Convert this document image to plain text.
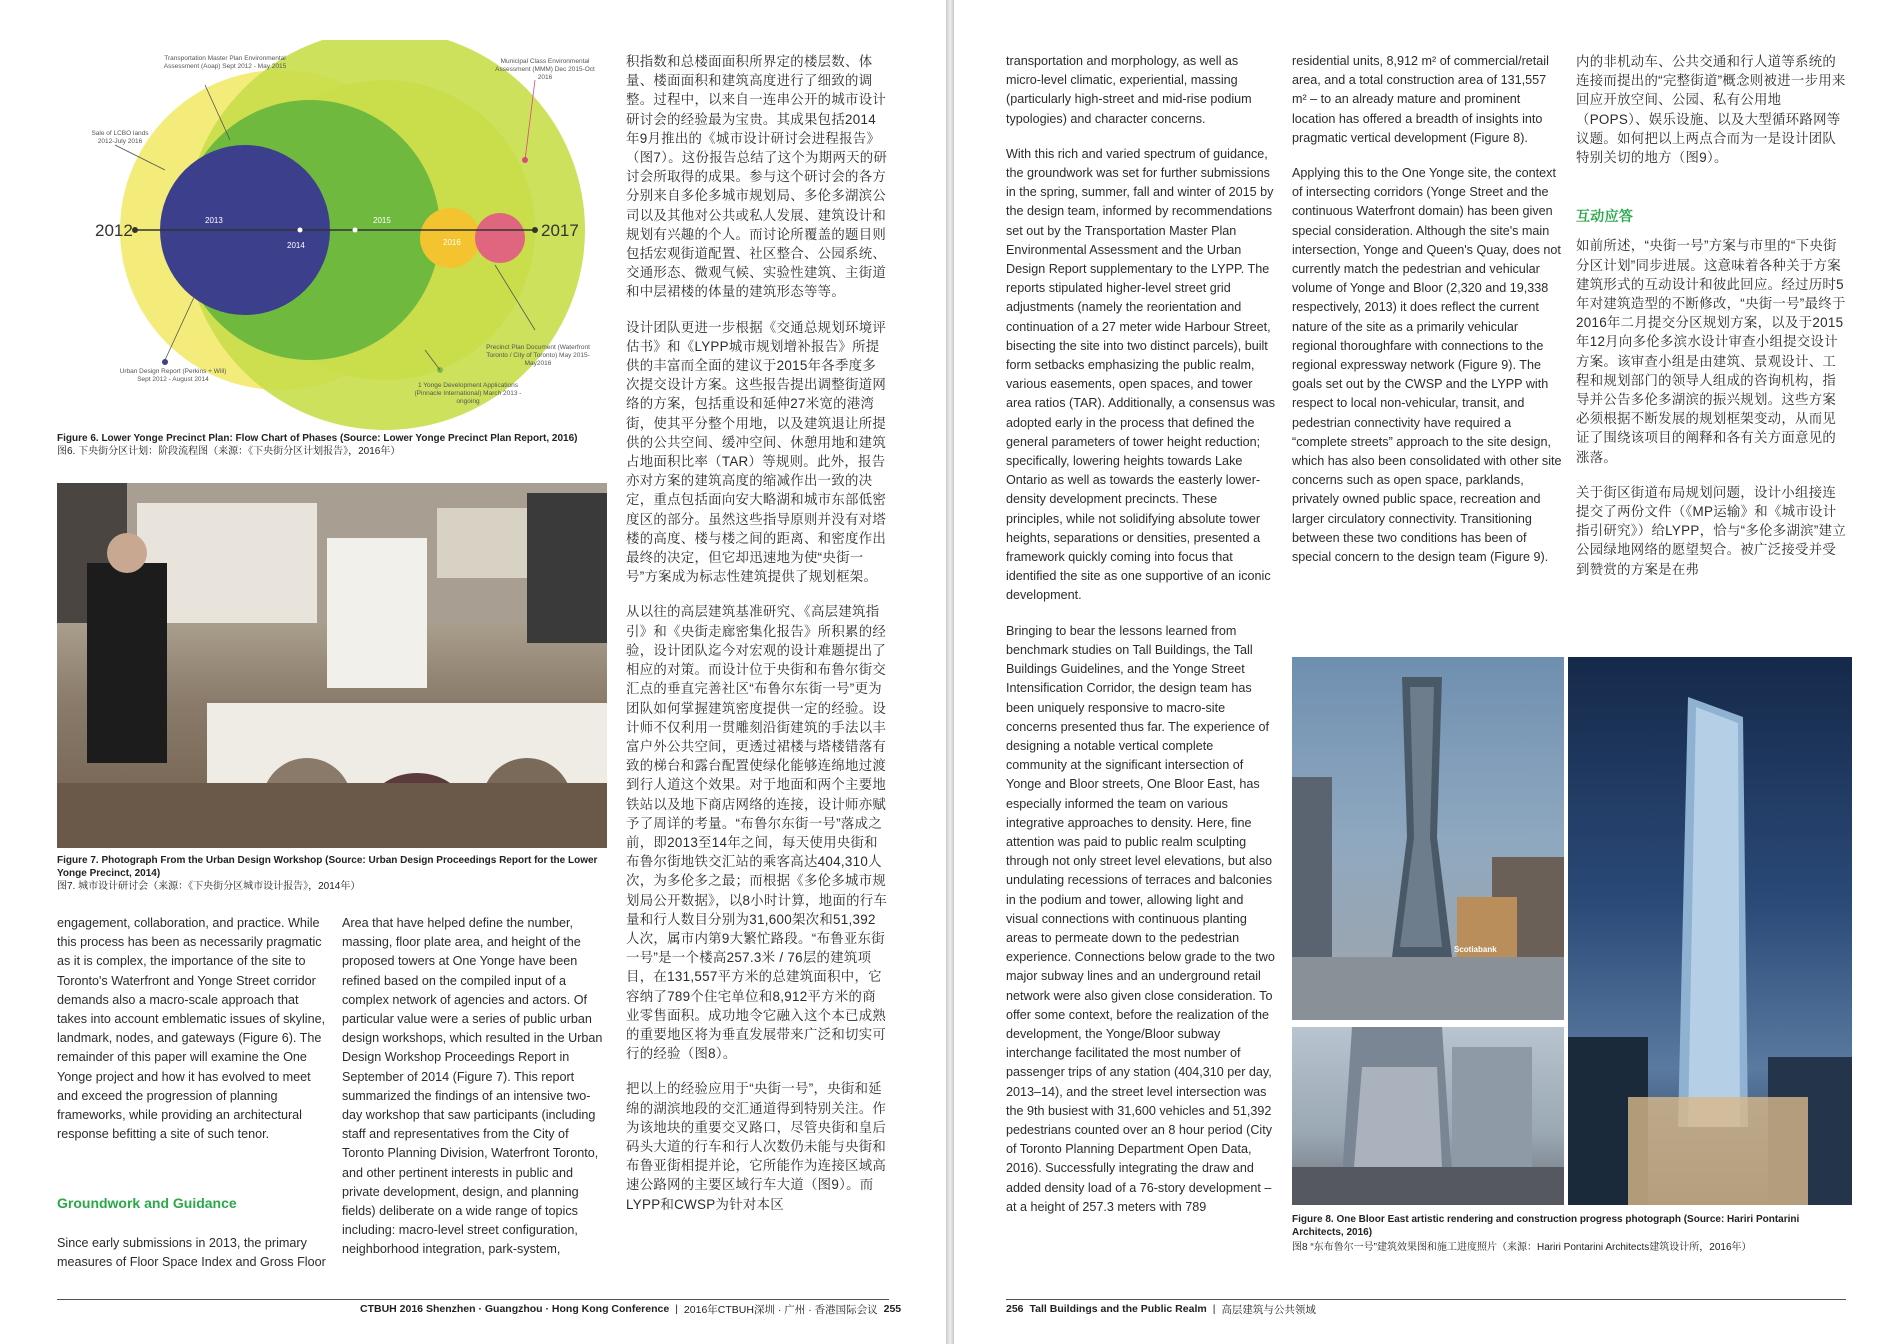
2012	2017
2013
2014
2015
2016
Transportation Master Plan Environmental Assessment (Aoap) Sept 2012 - May 2015
Municipal Class Environmental Assessment (MMM) Dec 2015-Oct 2016
Sale of LCBO lands 2012-July 2016
Precinct Plan Document (Waterfront Toronto / City of Toronto) May 2015-May2016
Urban Design Report (Perkins + Will) Sept 2012 - August 2014
1 Yonge Development Applications (Pinnacle International) March 2013 - ongoing
Figure 6. Lower Yonge Precinct Plan: Flow Chart of Phases (Source: Lower Yonge Precinct Plan Report, 2016)
图6. 下央街分区计划：阶段流程图（来源：《下央街分区计划报告》，2016年）
Figure 7. Photograph From the Urban Design Workshop (Source: Urban Design Proceedings Report for the Lower Yonge Precinct, 2014)
图7. 城市设计研讨会（来源：《下央街分区城市设计报告》，2014年）

engagement, collaboration, and practice. While this process has been as necessarily pragmatic as it is complex, the importance of the site to Toronto's Waterfront and Yonge Street corridor demands also a macro-scale approach that takes into account emblematic issues of skyline, landmark, nodes, and gateways (Figure 6). The remainder of this paper will examine the One Yonge project and how it has evolved to meet and exceed the progression of planning frameworks, while providing an architectural response befitting a site of such tenor.

Groundwork and Guidance

Since early submissions in 2013, the primary measures of Floor Space Index and Gross Floor

Area that have helped define the number, massing, floor plate area, and height of the proposed towers at One Yonge have been refined based on the compiled input of a complex network of agencies and actors. Of particular value were a series of public urban design workshops, which resulted in the Urban Design Workshop Proceedings Report in September of 2014 (Figure 7). This report summarized the findings of an intensive two-day workshop that saw participants (including staff and representatives from the City of Toronto Planning Division, Waterfront Toronto, and other pertinent interests in public and private development, design, and planning fields) deliberate on a wide range of topics including: macro-level street configuration, neighborhood integration, park-system,

积指数和总楼面面积所界定的楼层数、体量、楼面面积和建筑高度进行了细致的调整。过程中，以来自一连串公开的城市设计研讨会的经验最为宝贵。其成果包括2014年9月推出的《城市设计研讨会进程报告》（图7）。这份报告总结了这个为期两天的研讨会所取得的成果。参与这个研讨会的各方分别来自多伦多城市规划局、多伦多湖滨公司以及其他对公共或私人发展、建筑设计和规划有兴趣的个人。而讨论所覆盖的题目则包括宏观街道配置、社区整合、公园系统、交通形态、微观气候、实验性建筑、主街道和中层裙楼的体量的建筑形态等等。

设计团队更进一步根据《交通总规划环境评估书》和《LYPP城市规划增补报告》所提供的丰富而全面的建议于2015年各季度多次提交设计方案。这些报告提出调整街道网络的方案，包括重设和延伸27米宽的港湾街，使其平分整个用地，以及建筑退让所提供的公共空间、缓冲空间、休憩用地和建筑占地面积比率（TAR）等规则。此外，报告亦对方案的建筑高度的缩减作出一致的决定，重点包括面向安大略湖和城市东部低密度区的部分。虽然这些指导原则并没有对塔楼的高度、楼与楼之间的距离、和密度作出最终的决定，但它却迅速地为使“央街一号”方案成为标志性建筑提供了规划框架。

从以往的高层建筑基准研究、《高层建筑指引》和《央街走廊密集化报告》所积累的经验，设计团队迄今对宏观的设计难题提出了相应的对策。而设计位于央街和布鲁尔街交汇点的垂直完善社区“布鲁尔东街一号”更为团队如何掌握建筑密度提供一定的经验。设计师不仅利用一贯雕刻沿街建筑的手法以丰富户外公共空间，更透过裙楼与塔楼错落有致的梯台和露台配置使绿化能够连绵地过渡到行人道这个效果。对于地面和两个主要地铁站以及地下商店网络的连接，设计师亦赋予了周详的考量。“布鲁尔东街一号”落成之前，即2013至14年之间，每天使用央街和布鲁尔街地铁交汇站的乘客高达404,310人次，为多伦多之最；而根据《多伦多城市规划局公开数据》，以8小时计算，地面的行车量和行人数目分别为31,600架次和51,392人次，属市内第9大繁忙路段。“布鲁亚东街一号”是一个楼高257.3米 / 76层的建筑项目，在131,557平方米的总建筑面积中，它容纳了789个住宅单位和8,912平方米的商业零售面积。成功地令它融入这个本已成熟的重要地区将为垂直发展带来广泛和切实可行的经验（图8）。

把以上的经验应用于“央街一号”，央街和延绵的湖滨地段的交汇通道得到特别关注。作为该地块的重要交叉路口，尽管央街和皇后码头大道的行车和行人次数仍未能与央街和布鲁亚街相提并论，它所能作为连接区域高速公路网的主要区域行车大道（图9）。而LYPP和CWSP为针对本区

CTBUH 2016 Shenzhen · Guangzhou · Hong Kong Conference | 2016年CTBUH深圳 · 广州 · 香港国际会议 255

transportation and morphology, as well as micro-level climatic, experiential, massing (particularly high-street and mid-rise podium typologies) and character concerns.

With this rich and varied spectrum of guidance, the groundwork was set for further submissions in the spring, summer, fall and winter of 2015 by the design team, informed by recommendations set out by the Transportation Master Plan Environmental Assessment and the Urban Design Report supplementary to the LYPP. The reports stipulated higher-level street grid adjustments (namely the reorientation and continuation of a 27 meter wide Harbour Street, bisecting the site into two distinct parcels), built form setbacks emphasizing the public realm, various easements, open spaces, and tower area ratios (TAR). Additionally, a consensus was adopted early in the process that defined the general parameters of tower height reduction; specifically, lowering heights towards Lake Ontario as well as towards the easterly lower-density development precincts. These principles, while not solidifying absolute tower heights, separations or densities, presented a framework quickly coming into focus that identified the site as one supportive of an iconic development.

Bringing to bear the lessons learned from benchmark studies on Tall Buildings, the Tall Buildings Guidelines, and the Yonge Street Intensification Corridor, the design team has been uniquely responsive to macro-site concerns presented thus far. The experience of designing a notable vertical complete community at the significant intersection of Yonge and Bloor streets, One Bloor East, has especially informed the team on various integrative approaches to density. Here, fine attention was paid to public realm sculpting through not only street level elevations, but also undulating recessions of terraces and balconies in the podium and tower, allowing light and visual connections with continuous planting areas to permeate down to the pedestrian experience. Connections below grade to the two major subway lines and an underground retail network were also given close consideration. To offer some context, before the realization of the development, the Yonge/Bloor subway interchange facilitated the most number of passenger trips of any station (404,310 per day, 2013–14), and the street level intersection was the 9th busiest with 31,600 vehicles and 51,392 pedestrians counted over an 8 hour period (City of Toronto Planning Department Open Data, 2016). Successfully integrating the draw and added density load of a 76-story development – at a height of 257.3 meters with 789

residential units, 8,912 m² of commercial/retail area, and a total construction area of 131,557 m² – to an already mature and prominent location has offered a breadth of insights into pragmatic vertical development (Figure 8).

Applying this to the One Yonge site, the context of intersecting corridors (Yonge Street and the continuous Waterfront domain) has been given special consideration. Although the site's main intersection, Yonge and Queen's Quay, does not currently match the pedestrian and vehicular volume of Yonge and Bloor (2,320 and 19,338 respectively, 2013) it does reflect the current nature of the site as a primarily vehicular regional thoroughfare with connections to the regional expressway network (Figure 9). The goals set out by the CWSP and the LYPP with respect to local non-vehicular, transit, and pedestrian connectivity have required a “complete streets” approach to the site design, which has also been consolidated with other site concerns such as open space, parklands, privately owned public space, recreation and larger circulatory connectivity. Transitioning between these two conditions has been of special concern to the design team (Figure 9).

内的非机动车、公共交通和行人道等系统的连接而提出的“完整街道”概念则被进一步用来回应开放空间、公园、私有公用地（POPS）、娱乐设施、以及大型循环路网等议题。如何把以上两点合而为一是设计团队特别关切的地方（图9）。

互动应答

如前所述，“央街一号”方案与市里的“下央街分区计划”同步进展。这意味着各种关于方案建筑形式的互动设计和彼此回应。经过历时5年对建筑造型的不断修改，“央街一号”最终于2016年二月提交分区规划方案，以及于2015年12月向多伦多滨水设计审查小组提交设计方案。该审查小组是由建筑、景观设计、工程和规划部门的领导人组成的咨询机构，指导并公告多伦多湖滨的振兴规划。这些方案必须根据不断发展的规划框架变动，从而见证了围绕该项目的阐释和各有关方面意见的涨落。

关于街区街道布局规划问题，设计小组接连提交了两份文件（《MP运输》和《城市设计指引研究》）给LYPP，恰与“多伦多湖滨”建立公园绿地网络的愿望契合。被广泛接受并受到赞赏的方案是在弗

Scotiabank
Figure 8. One Bloor East artistic rendering and construction progress photograph (Source: Hariri Pontarini Architects, 2016)
图8 “东布鲁尔一号”建筑效果图和施工进度照片（来源：Hariri Pontarini Architects建筑设计所，2016年）
256 Tall Buildings and the Public Realm | 高层建筑与公共领域
